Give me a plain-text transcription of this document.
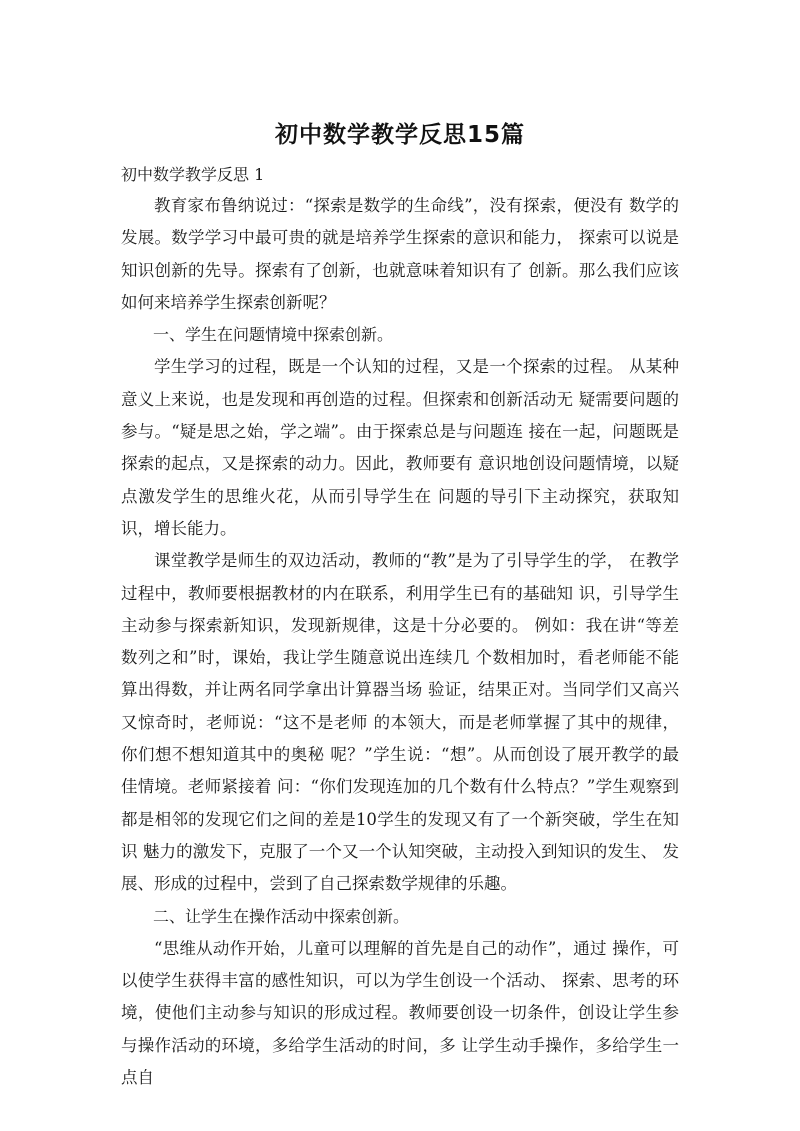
初中数学教学反思15篇
初中数学教学反思 1

教育家布鲁纳说过：“探索是数学的生命线”，没有探索，便没有 数学的发展。数学学习中最可贵的就是培养学生探索的意识和能力， 探索可以说是知识创新的先导。探索有了创新，也就意味着知识有了 创新。那么我们应该如何来培养学生探索创新呢？

一、学生在问题情境中探索创新。

学生学习的过程，既是一个认知的过程，又是一个探索的过程。 从某种意义上来说，也是发现和再创造的过程。但探索和创新活动无 疑需要问题的参与。“疑是思之始，学之端”。由于探索总是与问题连 接在一起，问题既是探索的起点，又是探索的动力。因此，教师要有 意识地创设问题情境，以疑点激发学生的思维火花，从而引导学生在 问题的导引下主动探究，获取知识，增长能力。

课堂教学是师生的双边活动，教师的“教”是为了引导学生的学， 在教学过程中，教师要根据教材的内在联系，利用学生已有的基础知 识，引导学生主动参与探索新知识，发现新规律，这是十分必要的。 例如：我在讲“等差数列之和”时，课始，我让学生随意说出连续几 个数相加时，看老师能不能算出得数，并让两名同学拿出计算器当场 验证，结果正对。当同学们又高兴又惊奇时，老师说：“这不是老师 的本领大，而是老师掌握了其中的规律，你们想不想知道其中的奥秘 呢？”学生说：“想”。从而创设了展开教学的最佳情境。老师紧接着 问：“你们发现连加的几个数有什么特点？”学生观察到都是相邻的发现它们之间的差是10学生的发现又有了一个新突破，学生在知识 魅力的激发下，克服了一个又一个认知突破，主动投入到知识的发生、 发展、形成的过程中，尝到了自己探索数学规律的乐趣。

二、让学生在操作活动中探索创新。

“思维从动作开始，儿童可以理解的首先是自己的动作”，通过 操作，可以使学生获得丰富的感性知识，可以为学生创设一个活动、 探索、思考的环境，使他们主动参与知识的形成过程。教师要创设一切条件，创设让学生参与操作活动的环境，多给学生活动的时间，多 让学生动手操作，多给学生一点自
